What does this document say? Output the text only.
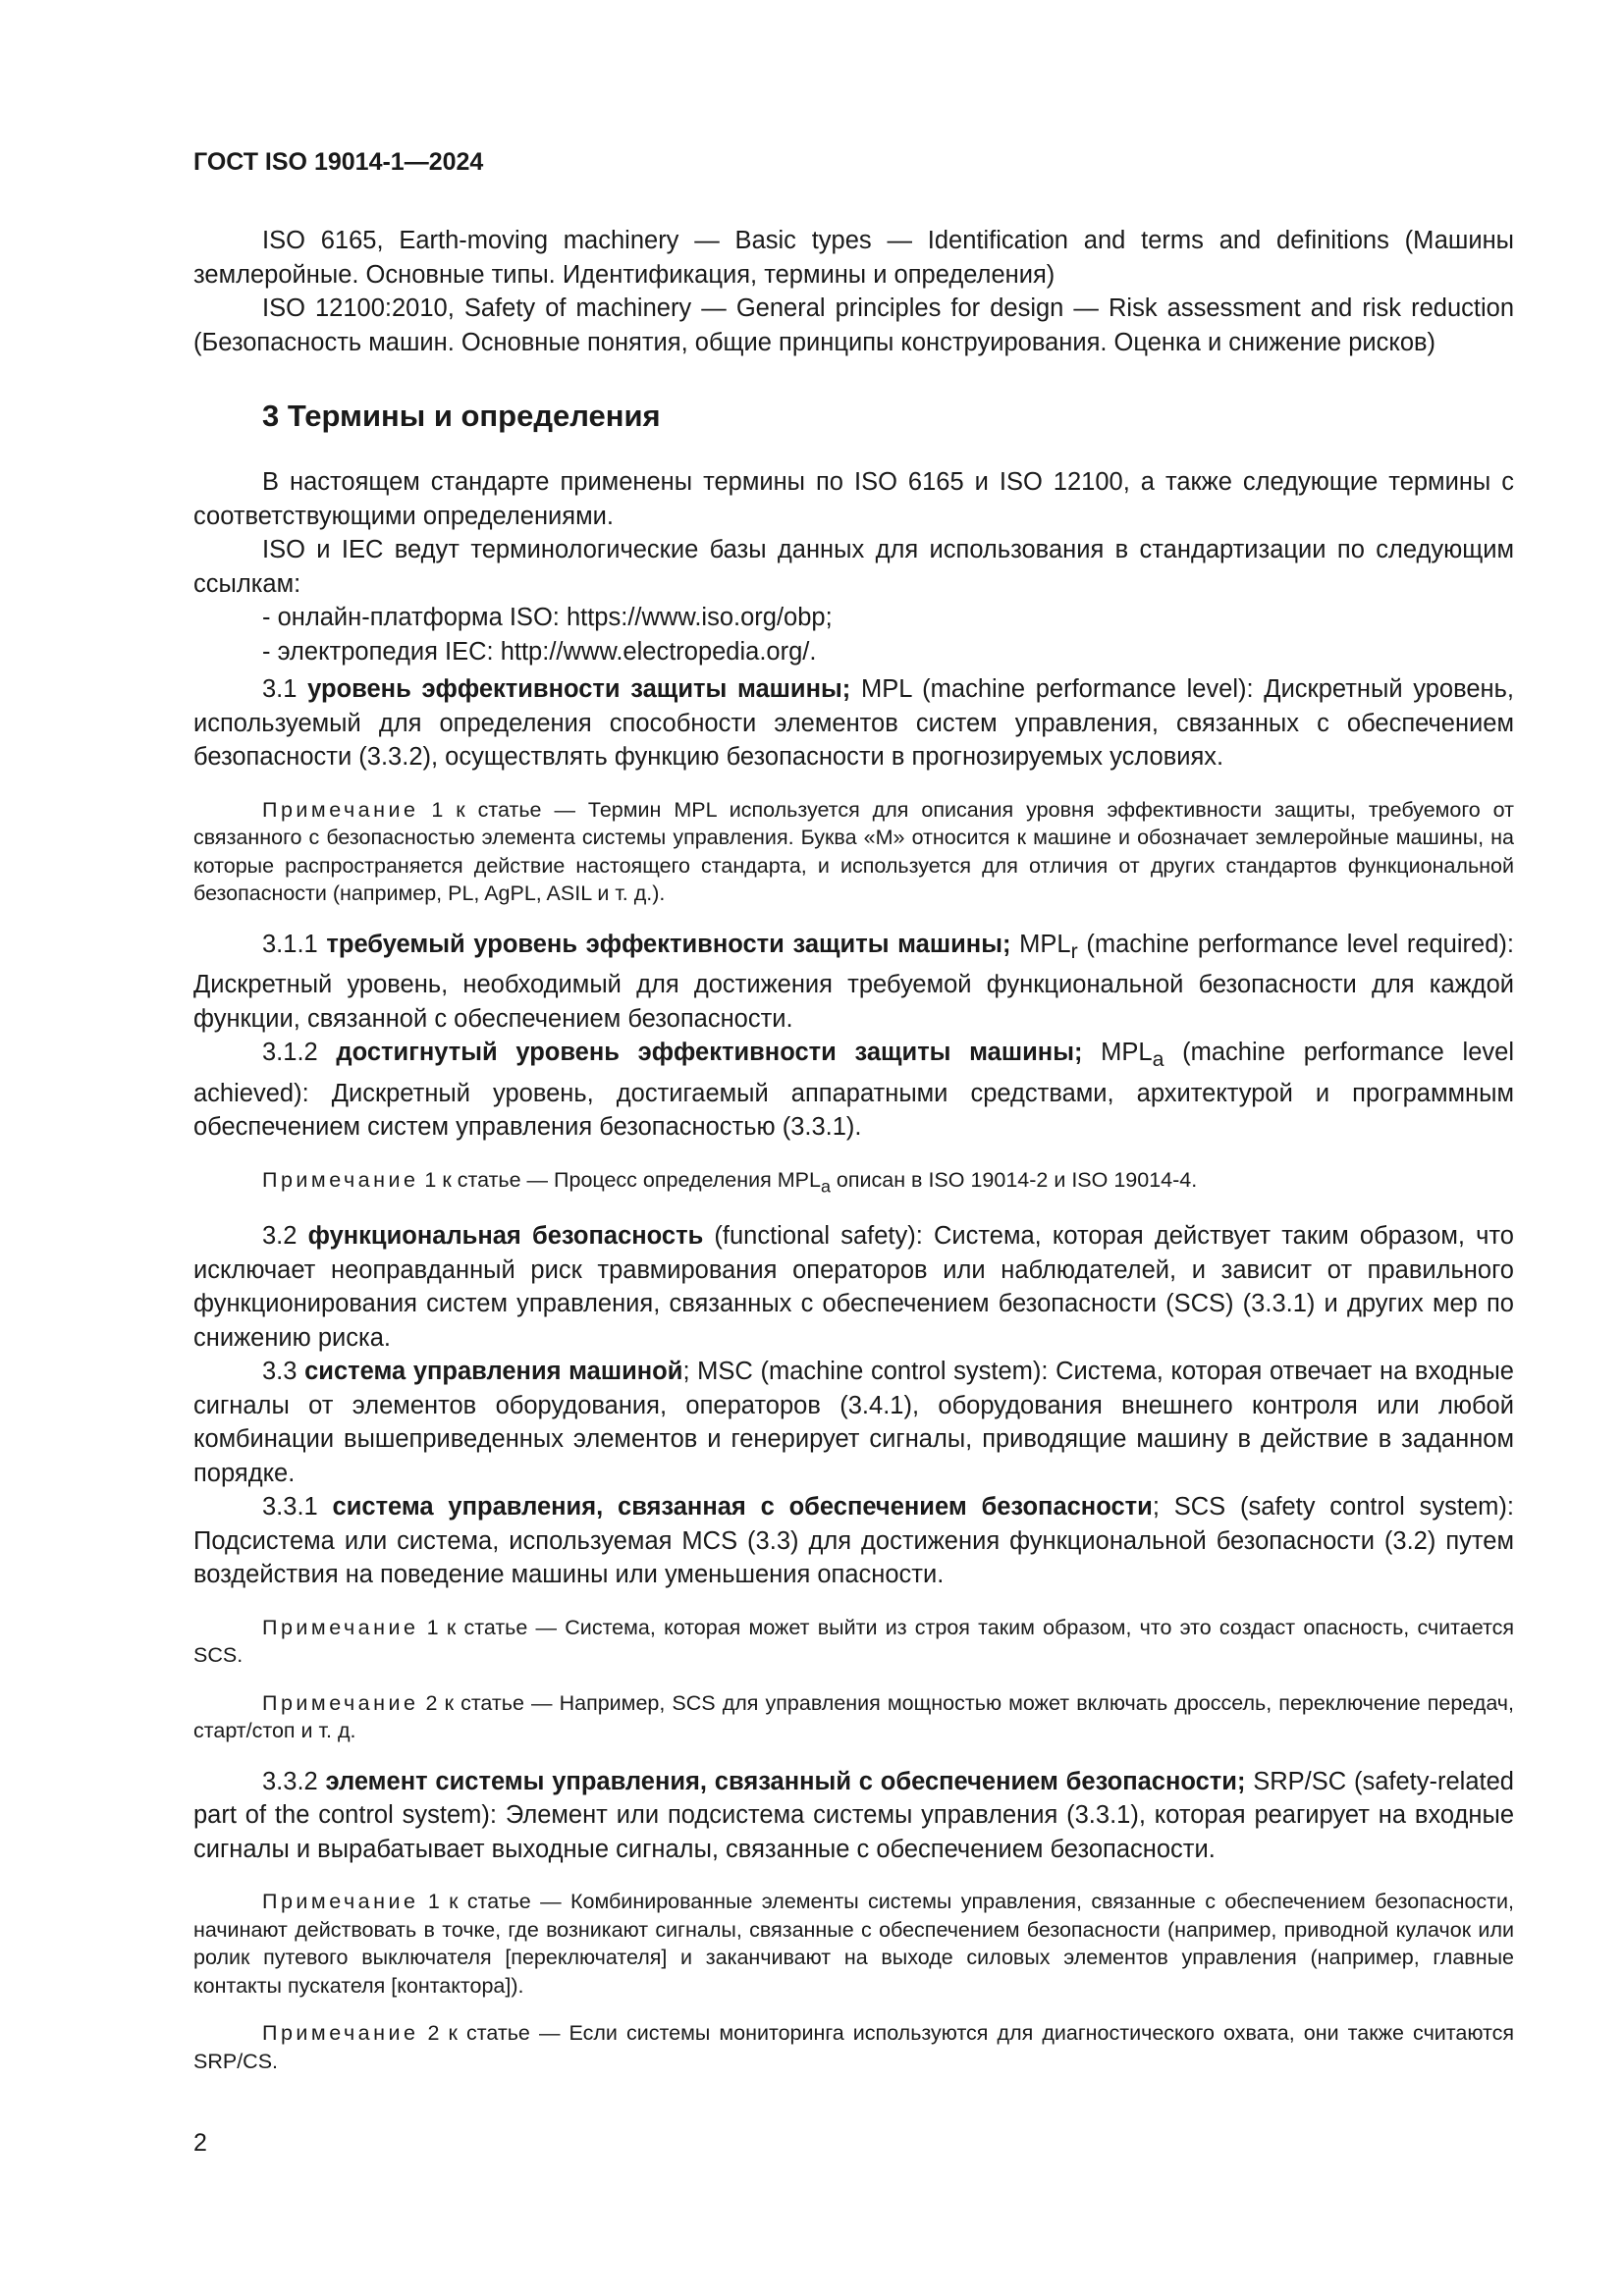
ГОСТ ISO 19014-1—2024

ISO 6165, Earth-moving machinery — Basic types — Identification and terms and definitions (Машины землеройные. Основные типы. Идентификация, термины и определения)

ISO 12100:2010, Safety of machinery — General principles for design — Risk assessment and risk reduction (Безопасность машин. Основные понятия, общие принципы конструирования. Оценка и снижение рисков)

3 Термины и определения

В настоящем стандарте применены термины по ISO 6165 и ISO 12100, а также следующие термины с соответствующими определениями.

ISO и IEC ведут терминологические базы данных для использования в стандартизации по следующим ссылкам:

- онлайн-платформа ISO: https://www.iso.org/obp;

- электропедия IEC: http://www.electropedia.org/.

3.1 уровень эффективности защиты машины; MPL (machine performance level): Дискретный уровень, используемый для определения способности элементов систем управления, связанных с обеспечением безопасности (3.3.2), осуществлять функцию безопасности в прогнозируемых условиях.

Примечание 1 к статье — Термин MPL используется для описания уровня эффективности защиты, требуемого от связанного с безопасностью элемента системы управления. Буква «М» относится к машине и обозначает землеройные машины, на которые распространяется действие настоящего стандарта, и используется для отличия от других стандартов функциональной безопасности (например, PL, AgPL, ASIL и т. д.).

3.1.1 требуемый уровень эффективности защиты машины; $MPL_r$ (machine performance level required): Дискретный уровень, необходимый для достижения требуемой функциональной безопасности для каждой функции, связанной с обеспечением безопасности.

3.1.2 достигнутый уровень эффективности защиты машины; $MPL_a$ (machine performance level achieved): Дискретный уровень, достигаемый аппаратными средствами, архитектурой и программным обеспечением систем управления безопасностью (3.3.1).

Примечание 1 к статье — Процесс определения $MPL_a$ описан в ISO 19014-2 и ISO 19014-4.

3.2 функциональная безопасность (functional safety): Система, которая действует таким образом, что исключает неоправданный риск травмирования операторов или наблюдателей, и зависит от правильного функционирования систем управления, связанных с обеспечением безопасности (SCS) (3.3.1) и других мер по снижению риска.

3.3 система управления машиной; MSC (machine control system): Система, которая отвечает на входные сигналы от элементов оборудования, операторов (3.4.1), оборудования внешнего контроля или любой комбинации вышеприведенных элементов и генерирует сигналы, приводящие машину в действие в заданном порядке.

3.3.1 система управления, связанная с обеспечением безопасности; SCS (safety control system): Подсистема или система, используемая MCS (3.3) для достижения функциональной безопасности (3.2) путем воздействия на поведение машины или уменьшения опасности.

Примечание 1 к статье — Система, которая может выйти из строя таким образом, что это создаст опасность, считается SCS.

Примечание 2 к статье — Например, SCS для управления мощностью может включать дроссель, переключение передач, старт/стоп и т. д.

3.3.2 элемент системы управления, связанный с обеспечением безопасности; SRP/SC (safety-related part of the control system): Элемент или подсистема системы управления (3.3.1), которая реагирует на входные сигналы и вырабатывает выходные сигналы, связанные с обеспечением безопасности.

Примечание 1 к статье — Комбинированные элементы системы управления, связанные с обеспечением безопасности, начинают действовать в точке, где возникают сигналы, связанные с обеспечением безопасности (например, приводной кулачок или ролик путевого выключателя [переключателя] и заканчивают на выходе силовых элементов управления (например, главные контакты пускателя [контактора]).

Примечание 2 к статье — Если системы мониторинга используются для диагностического охвата, они также считаются SRP/CS.

2
